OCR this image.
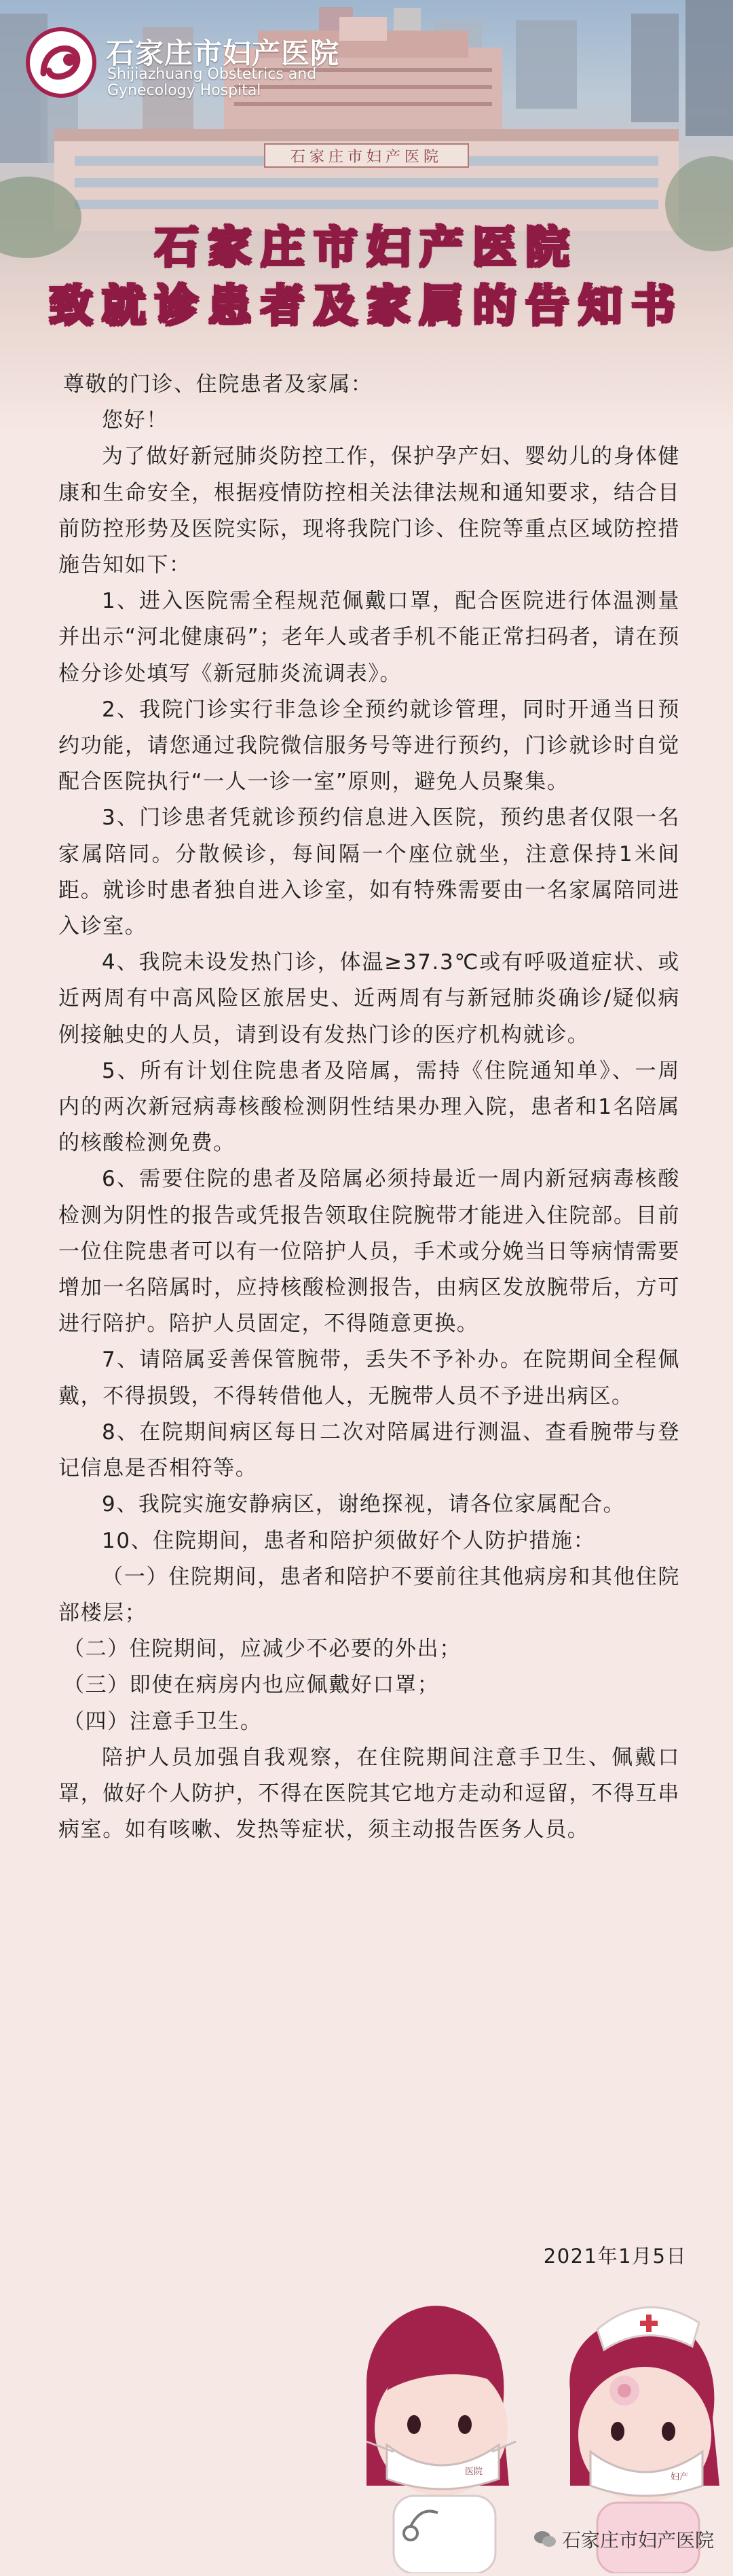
石家庄市妇产医院
石家庄市妇产医院
Shijiazhuang Obstetrics and
Gynecology Hospital
石家庄市妇产医院
致就诊患者及家属的告知书

尊敬的门诊、住院患者及家属：

您好！

为了做好新冠肺炎防控工作，保护孕产妇、婴幼儿的身体健康和生命安全，根据疫情防控相关法律法规和通知要求，结合目前防控形势及医院实际，现将我院门诊、住院等重点区域防控措施告知如下：

1、进入医院需全程规范佩戴口罩，配合医院进行体温测量并出示“河北健康码”；老年人或者手机不能正常扫码者，请在预检分诊处填写《新冠肺炎流调表》。

2、我院门诊实行非急诊全预约就诊管理，同时开通当日预约功能，请您通过我院微信服务号等进行预约，门诊就诊时自觉配合医院执行“一人一诊一室”原则，避免人员聚集。

3、门诊患者凭就诊预约信息进入医院，预约患者仅限一名家属陪同。分散候诊，每间隔一个座位就坐，注意保持1米间距。就诊时患者独自进入诊室，如有特殊需要由一名家属陪同进入诊室。

4、我院未设发热门诊，体温≥37.3℃或有呼吸道症状、或近两周有中高风险区旅居史、近两周有与新冠肺炎确诊/疑似病例接触史的人员，请到设有发热门诊的医疗机构就诊。

5、所有计划住院患者及陪属，需持《住院通知单》、一周内的两次新冠病毒核酸检测阴性结果办理入院，患者和1名陪属的核酸检测免费。

6、需要住院的患者及陪属必须持最近一周内新冠病毒核酸检测为阴性的报告或凭报告领取住院腕带才能进入住院部。目前一位住院患者可以有一位陪护人员，手术或分娩当日等病情需要增加一名陪属时，应持核酸检测报告，由病区发放腕带后，方可进行陪护。陪护人员固定，不得随意更换。

7、请陪属妥善保管腕带，丢失不予补办。在院期间全程佩戴，不得损毁，不得转借他人，无腕带人员不予进出病区。

8、在院期间病区每日二次对陪属进行测温、查看腕带与登记信息是否相符等。

9、我院实施安静病区，谢绝探视，请各位家属配合。

10、住院期间，患者和陪护须做好个人防护措施：

（一）住院期间，患者和陪护不要前往其他病房和其他住院部楼层；

（二）住院期间，应减少不必要的外出；

（三）即使在病房内也应佩戴好口罩；

（四）注意手卫生。

陪护人员加强自我观察，在住院期间注意手卫生、佩戴口罩，做好个人防护，不得在医院其它地方走动和逗留，不得互串病室。如有咳嗽、发热等症状，须主动报告医务人员。

2021年1月5日
医院
妇产
石家庄市妇产医院
